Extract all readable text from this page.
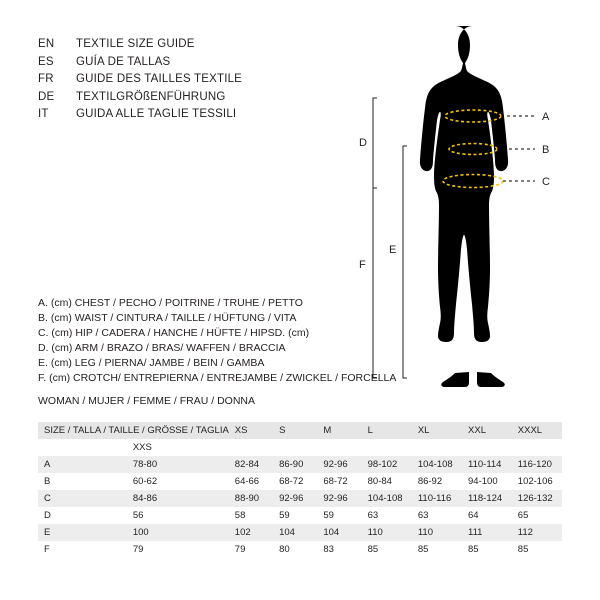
EN	TEXTILE SIZE GUIDE
ES	GUÍA DE TALLAS
FR	GUIDE DES TAILLES TEXTILE
DE	TEXTILGRÖßENFÜHRUNG
IT	GUIDA ALLE TAGLIE TESSILI	A
B
C
D
E
F
A. (cm) CHEST / PECHO / POITRINE / TRUHE / PETTO
B. (cm) WAIST / CINTURA / TAILLE / HÜFTUNG / VITA
C. (cm) HIP / CADERA / HANCHE / HÜFTE / HIPSD. (cm)
D. (cm) ARM / BRAZO / BRAS/ WAFFEN / BRACCIA
E. (cm) LEG / PIERNA/ JAMBE / BEIN / GAMBA
F. (cm) CROTCH/ ENTREPIERNA / ENTREJAMBE / ZWICKEL / FORCELLA
WOMAN / MUJER / FEMME / FRAU / DONNA
SIZE / TALLA / TAILLE / GRÖSSE / TAGLIA		XS	S	M	L	XL	XXL	XXXL
	XXS							
A	78-80	82-84	86-90	92-96	98-102	104-108	110-114	116-120
B	60-62	64-66	68-72	68-72	80-84	86-92	94-100	102-106
C	84-86	88-90	92-96	92-96	104-108	110-116	118-124	126-132
D	56	58	59	59	63	63	64	65
E	100	102	104	104	110	110	111	112
F	79	79	80	83	85	85	85	85
